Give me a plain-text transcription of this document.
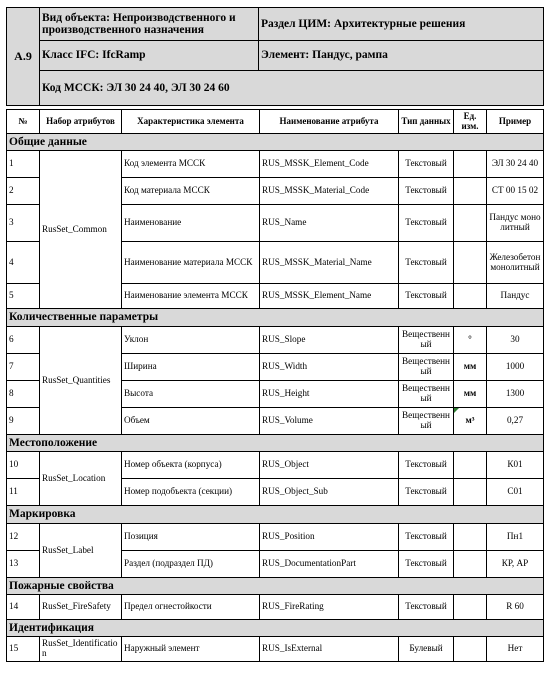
А.9	Вид объекта: Непроизводственного и производственного назначения	Раздел ЦИМ: Архитектурные решения
	Класс IFC: IfcRamp	Элемент: Пандус, рампа
	Код МССК: ЭЛ 30 24 40, ЭЛ 30 24 60	
№	Набор атрибутов	Характеристика элемента	Наименование атрибута	Тип данных	Ед. изм.	Пример
Общие данные						
1	RusSet_Common	Код элемента МССК	RUS_MSSK_Element_Code	Текстовый		ЭЛ 30 24 40
2		Код материала МССК	RUS_MSSK_Material_Code	Текстовый		СТ 00 15 02
3		Наименование	RUS_Name	Текстовый		Пандус монолитный
4		Наименование материала МССК	RUS_MSSK_Material_Name	Текстовый		Железобетон монолитный
5		Наименование элемента МССК	RUS_MSSK_Element_Name	Текстовый		Пандус
Количественные параметры						
6	RusSet_Quantities	Уклон	RUS_Slope	Вещественный	°	30
7		Ширина	RUS_Width	Вещественный	мм	1000
8		Высота	RUS_Height	Вещественный	мм	1300
9		Объем	RUS_Volume	Вещественный	м³	0,27
Местоположение						
10	RusSet_Location	Номер объекта (корпуса)	RUS_Object	Текстовый		К01
11		Номер подобъекта (секции)	RUS_Object_Sub	Текстовый		С01
Маркировка						
12	RusSet_Label	Позиция	RUS_Position	Текстовый		Пн1
13		Раздел (подраздел ПД)	RUS_DocumentationPart	Текстовый		КР, АР
Пожарные свойства						
14	RusSet_FireSafety	Предел огнестойкости	RUS_FireRating	Текстовый		R 60
Идентификация						
15	RusSet_Identification	Наружный элемент	RUS_IsExternal	Булевый		Нет
